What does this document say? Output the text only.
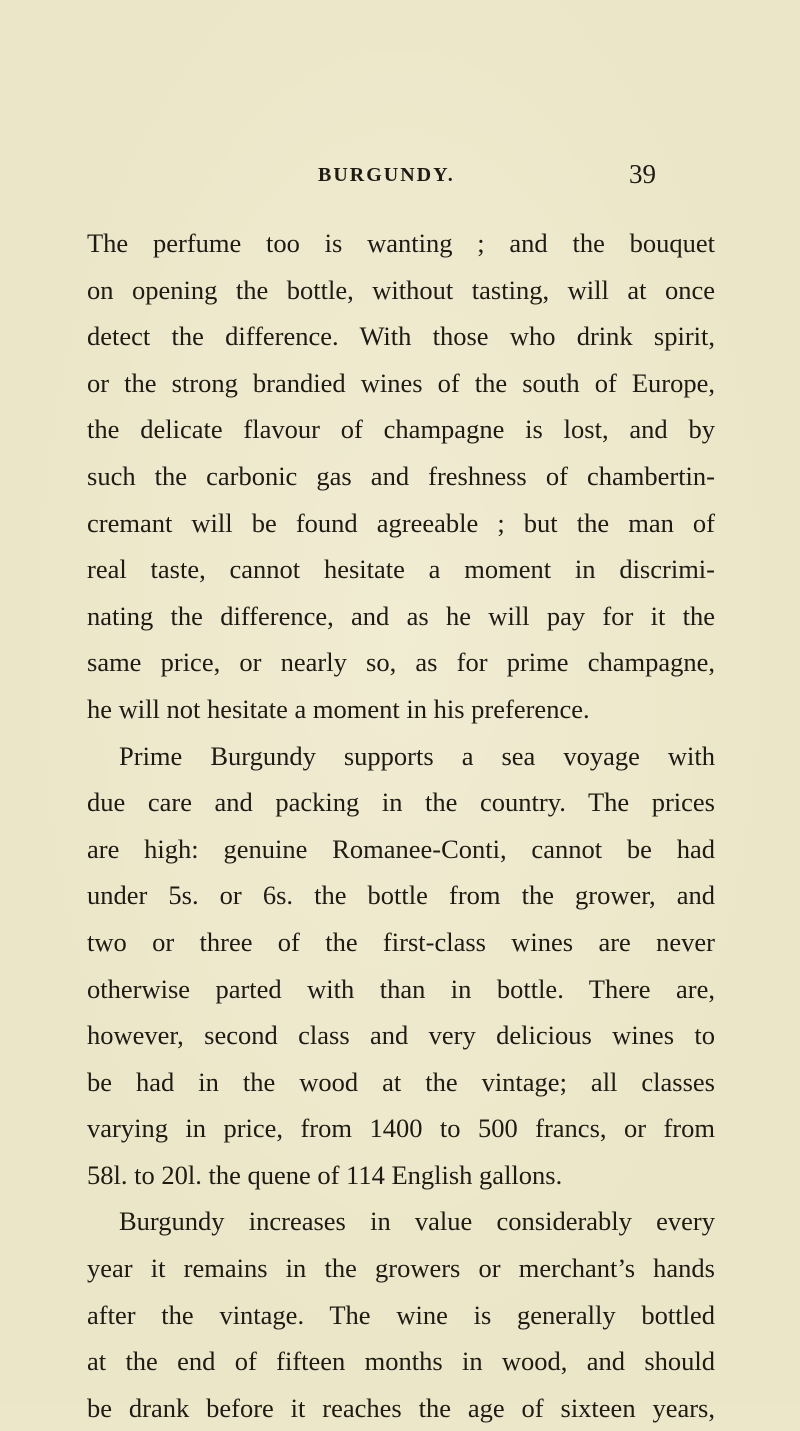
BURGUNDY.	39
The perfume too is wanting ; and the bouquet
on opening the bottle, without tasting, will at once
detect the difference. With those who drink spirit,
or the strong brandied wines of the south of Europe,
the delicate flavour of champagne is lost, and by
such the carbonic gas and freshness of chambertin-
cremant will be found agreeable ; but the man of
real taste, cannot hesitate a moment in discrimi-
nating the difference, and as he will pay for it the
same price, or nearly so, as for prime champagne,
he will not hesitate a moment in his preference.
Prime Burgundy supports a sea voyage with
due care and packing in the country. The prices
are high: genuine Romanee-Conti, cannot be had
under 5s. or 6s. the bottle from the grower, and
two or three of the first-class wines are never
otherwise parted with than in bottle. There are,
however, second class and very delicious wines to
be had in the wood at the vintage; all classes
varying in price, from 1400 to 500 francs, or from
58l. to 20l. the quene of 114 English gallons.
Burgundy increases in value considerably every
year it remains in the growers or merchant’s hands
after the vintage. The wine is generally bottled
at the end of fifteen months in wood, and should
be drank before it reaches the age of sixteen years,
